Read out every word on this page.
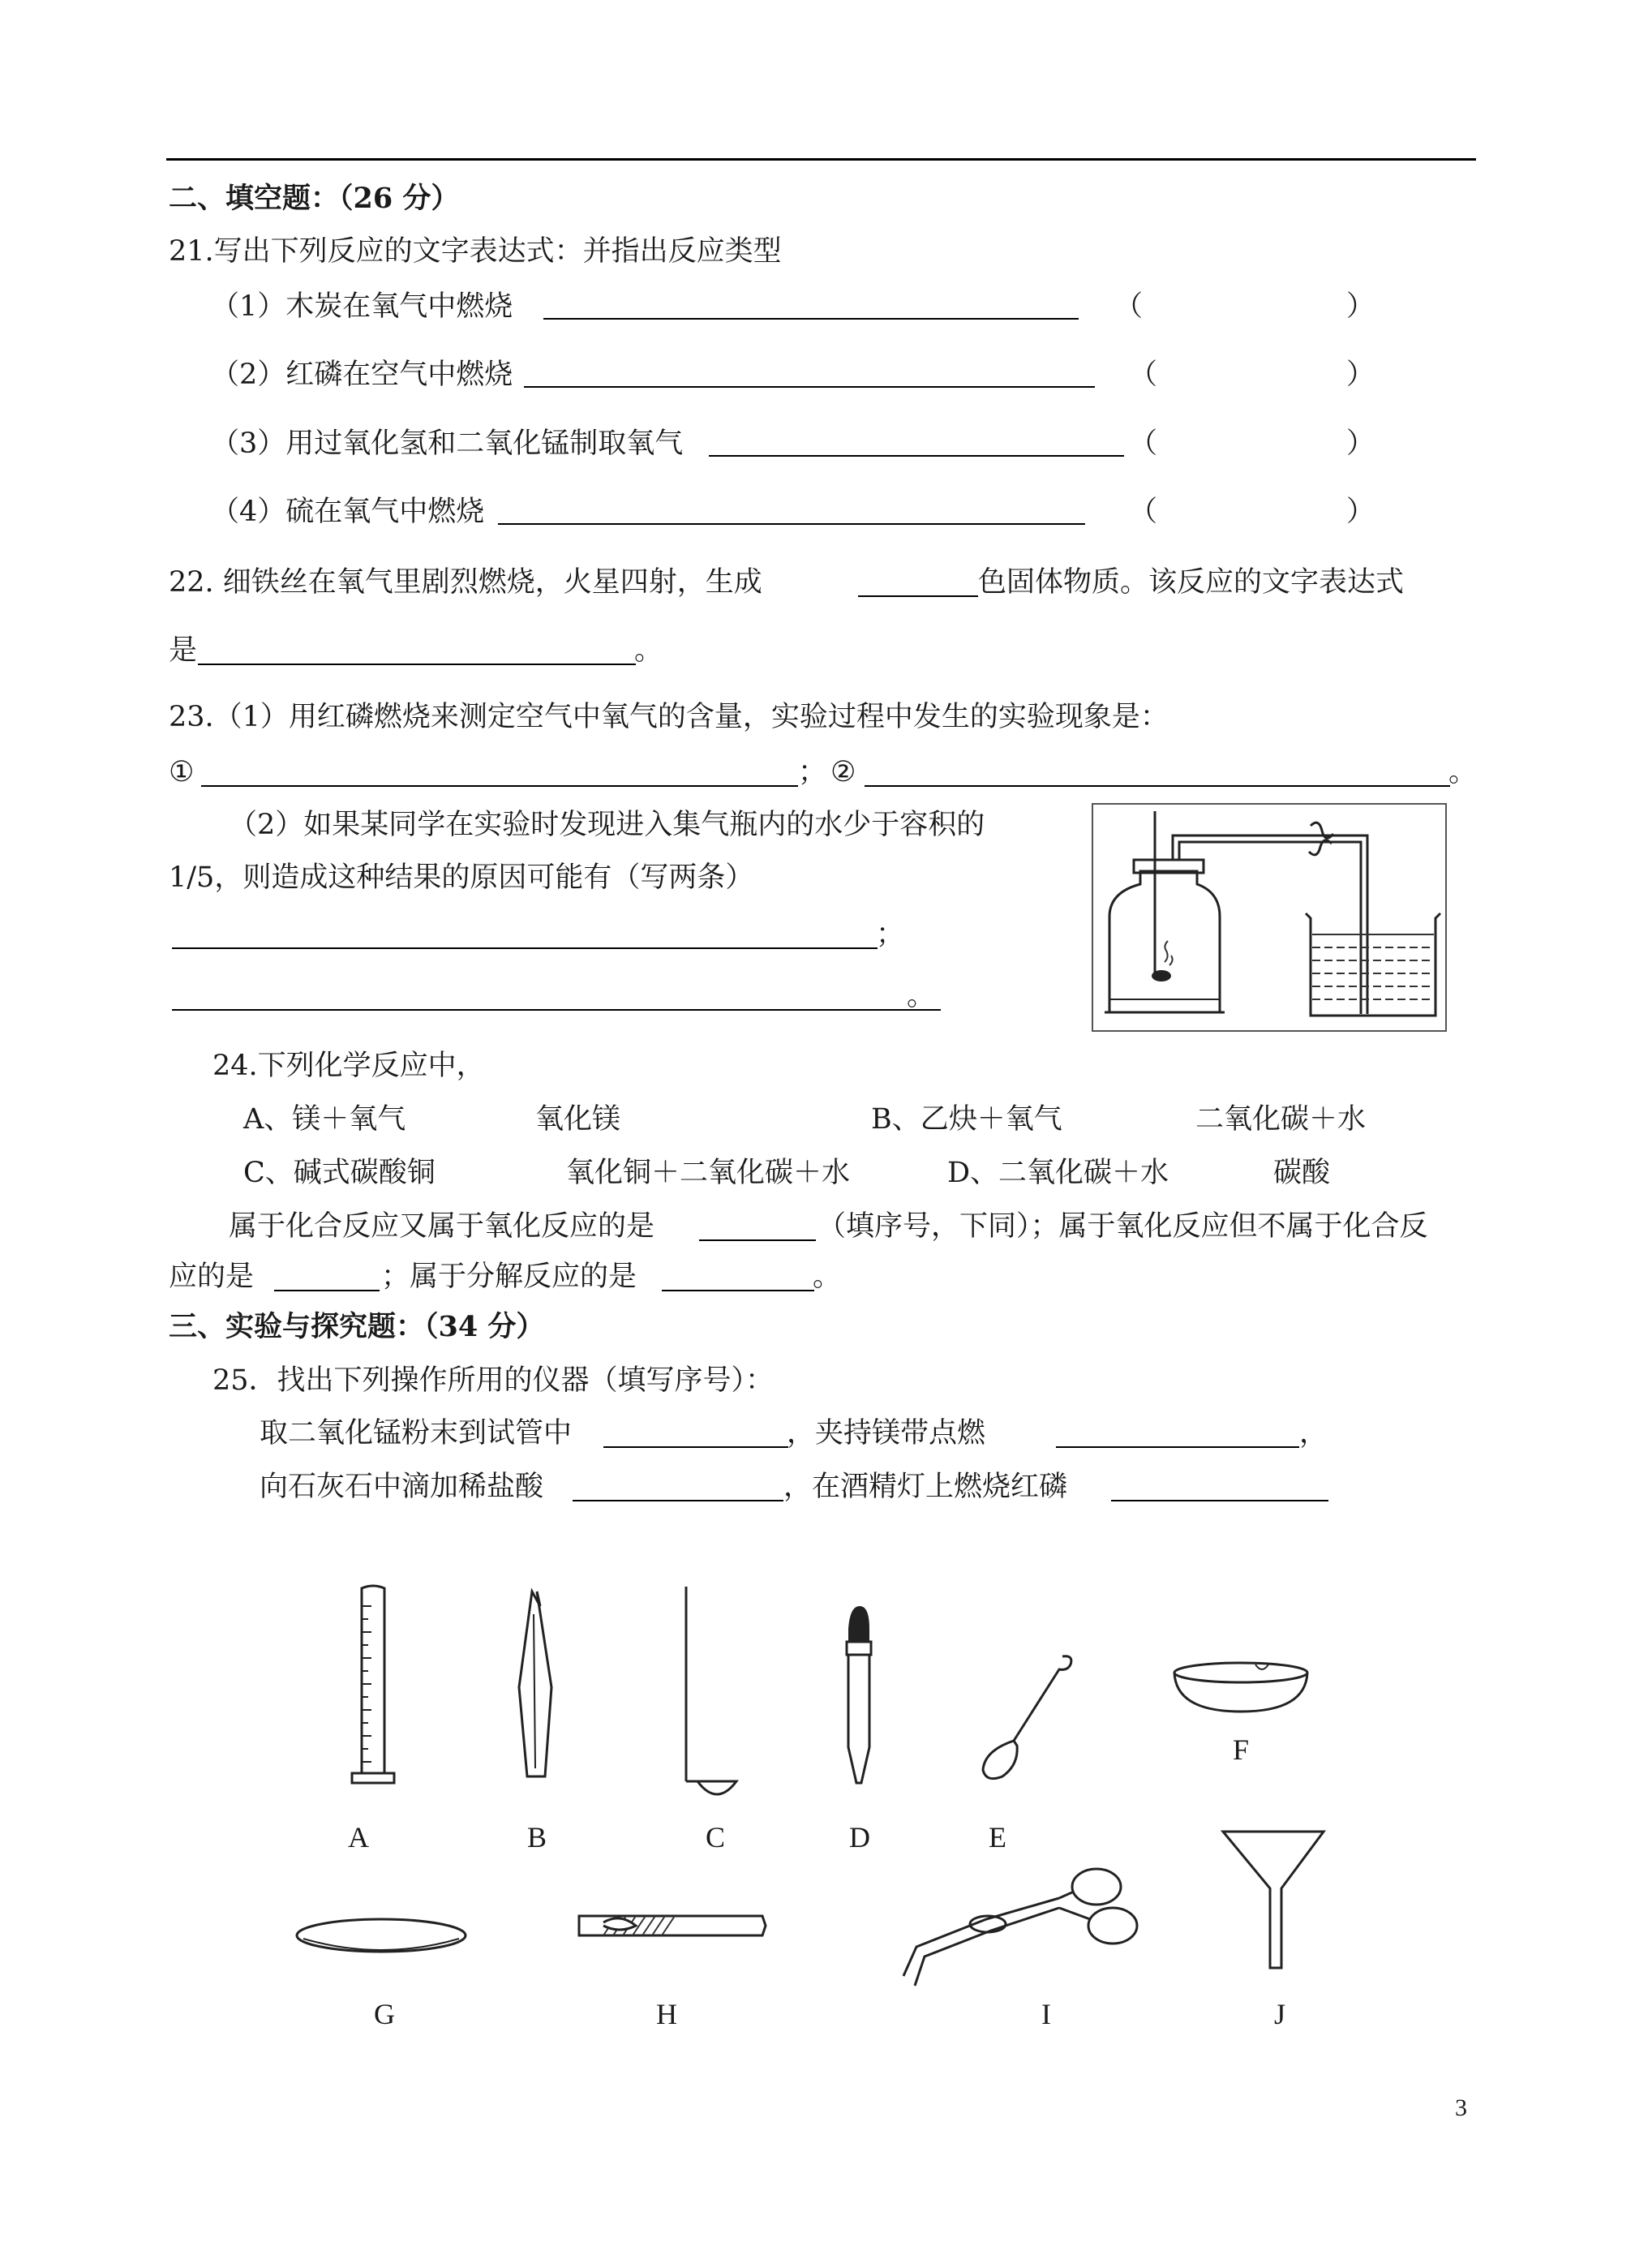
二、填空题：（26 分）
21.写出下列反应的文字表达式：并指出反应类型
（1）木炭在氧气中燃烧	（	）
（2）红磷在空气中燃烧	（	）
（3）用过氧化氢和二氧化锰制取氧气	（	）
（4）硫在氧气中燃烧	（	）
22. 细铁丝在氧气里剧烈燃烧，火星四射，生成	色固体物质。该反应的文字表达式
是	。
23.（1）用红磷燃烧来测定空气中氧气的含量，实验过程中发生的实验现象是：
①	； ②	。
（2）如果某同学在实验时发现进入集气瓶内的水少于容积的
1/5，则造成这种结果的原因可能有（写两条）
；
。
24.下列化学反应中，
A、镁＋氧气	氧化镁	B、乙炔＋氧气	二氧化碳＋水
C、碱式碳酸铜	氧化铜＋二氧化碳＋水	D、二氧化碳＋水	碳酸
属于化合反应又属于氧化反应的是	（填序号，下同）；属于氧化反应但不属于化合反
应的是	；属于分解反应的是	。
三、实验与探究题：（34 分）
25．找出下列操作所用的仪器（填写序号）：
取二氧化锰粉末到试管中	，夹持镁带点燃	，
向石灰石中滴加稀盐酸	，在酒精灯上燃烧红磷
A	B	C	D	E
F
G	H	I	J
3
